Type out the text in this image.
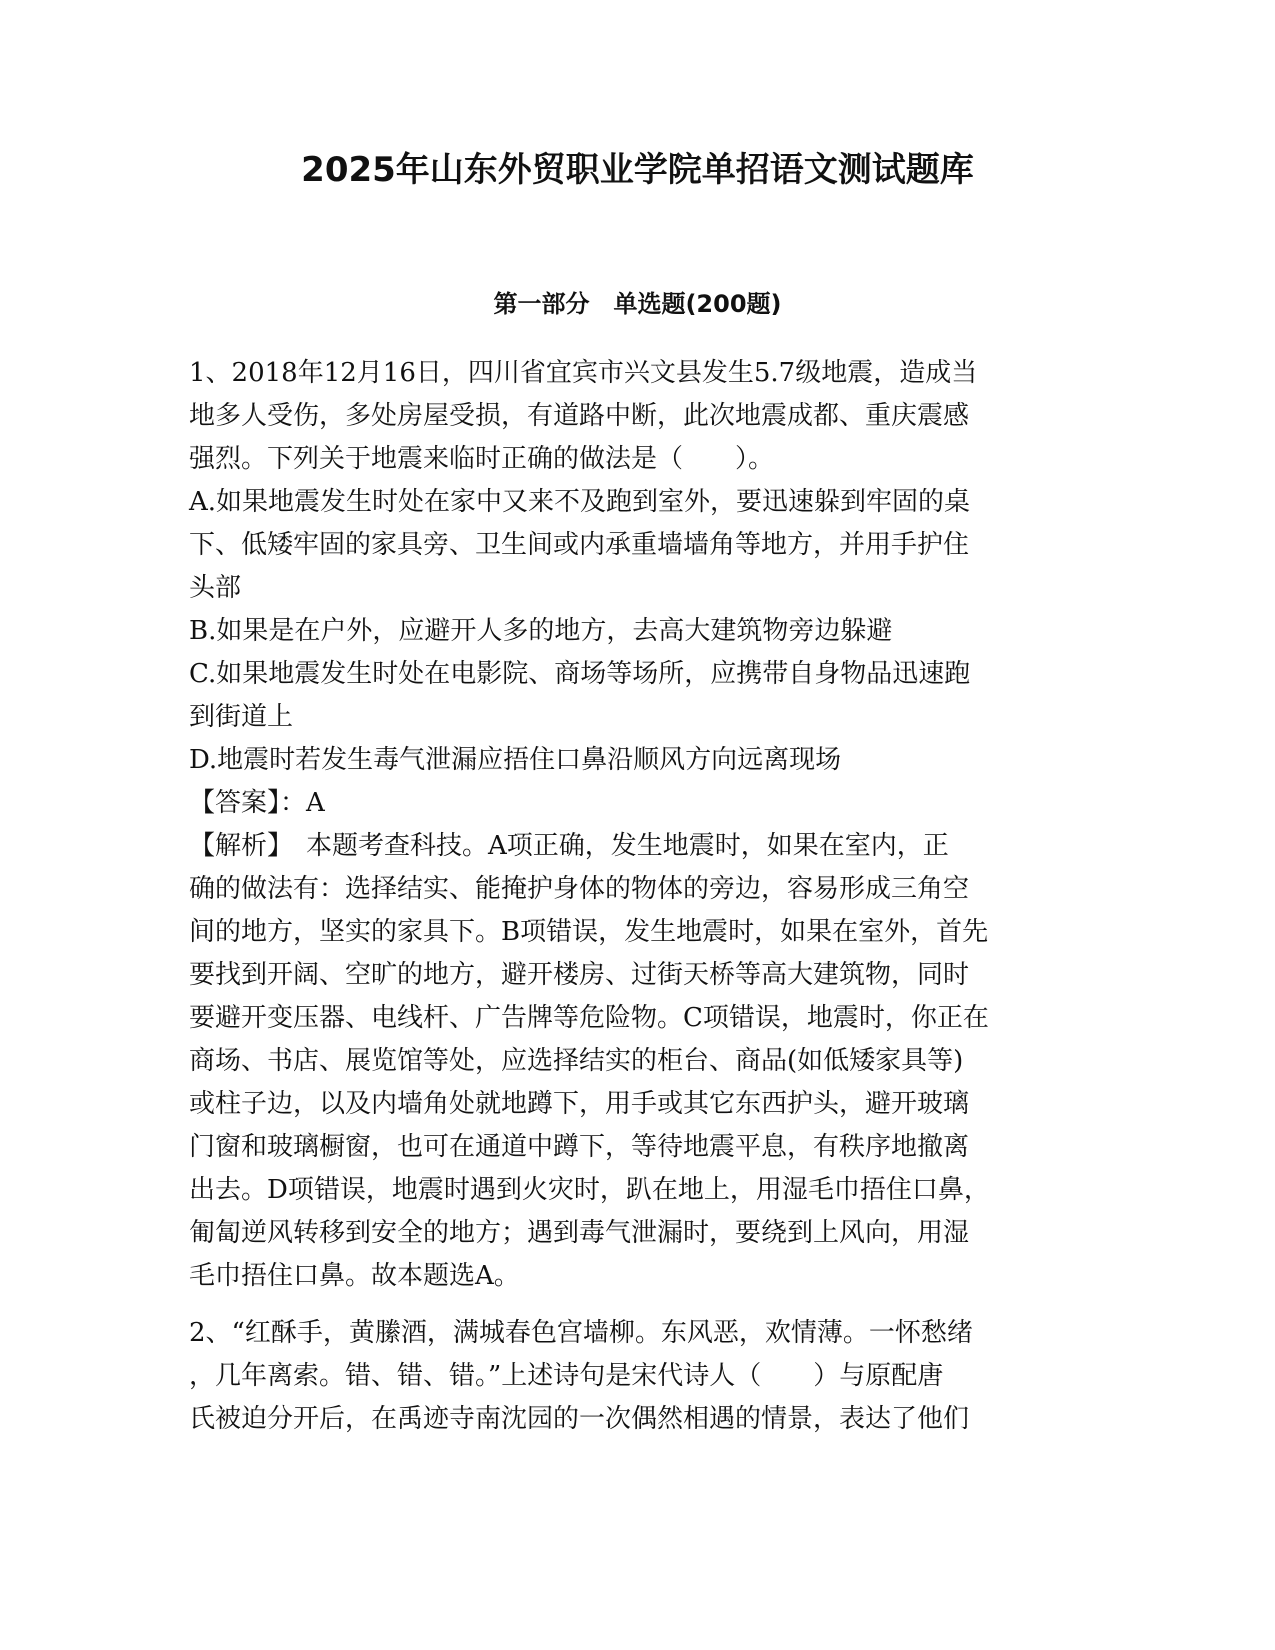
2025年山东外贸职业学院单招语文测试题库
第一部分　单选题(200题)
1、2018年12月16日，四川省宜宾市兴文县发生5.7级地震，造成当
地多人受伤，多处房屋受损，有道路中断，此次地震成都、重庆震感
强烈。下列关于地震来临时正确的做法是（　　）。
A.如果地震发生时处在家中又来不及跑到室外，要迅速躲到牢固的桌
下、低矮牢固的家具旁、卫生间或内承重墙墙角等地方，并用手护住
头部
B.如果是在户外，应避开人多的地方，去高大建筑物旁边躲避
C.如果地震发生时处在电影院、商场等场所，应携带自身物品迅速跑
到街道上
D.地震时若发生毒气泄漏应捂住口鼻沿顺风方向远离现场
【答案】：A
【解析】　本题考查科技。A项正确，发生地震时，如果在室内，正
确的做法有：选择结实、能掩护身体的物体的旁边，容易形成三角空
间的地方，坚实的家具下。B项错误，发生地震时，如果在室外，首先
要找到开阔、空旷的地方，避开楼房、过街天桥等高大建筑物，同时
要避开变压器、电线杆、广告牌等危险物。C项错误，地震时，你正在
商场、书店、展览馆等处，应选择结实的柜台、商品(如低矮家具等)
或柱子边，以及内墙角处就地蹲下，用手或其它东西护头，避开玻璃
门窗和玻璃橱窗，也可在通道中蹲下，等待地震平息，有秩序地撤离
出去。D项错误，地震时遇到火灾时，趴在地上，用湿毛巾捂住口鼻，
匍匐逆风转移到安全的地方；遇到毒气泄漏时，要绕到上风向，用湿
毛巾捂住口鼻。故本题选A。
2、“红酥手，黄縢酒，满城春色宫墙柳。东风恶，欢情薄。一怀愁绪
，几年离索。错、错、错。”上述诗句是宋代诗人（　　）与原配唐
氏被迫分开后，在禹迹寺南沈园的一次偶然相遇的情景，表达了他们
